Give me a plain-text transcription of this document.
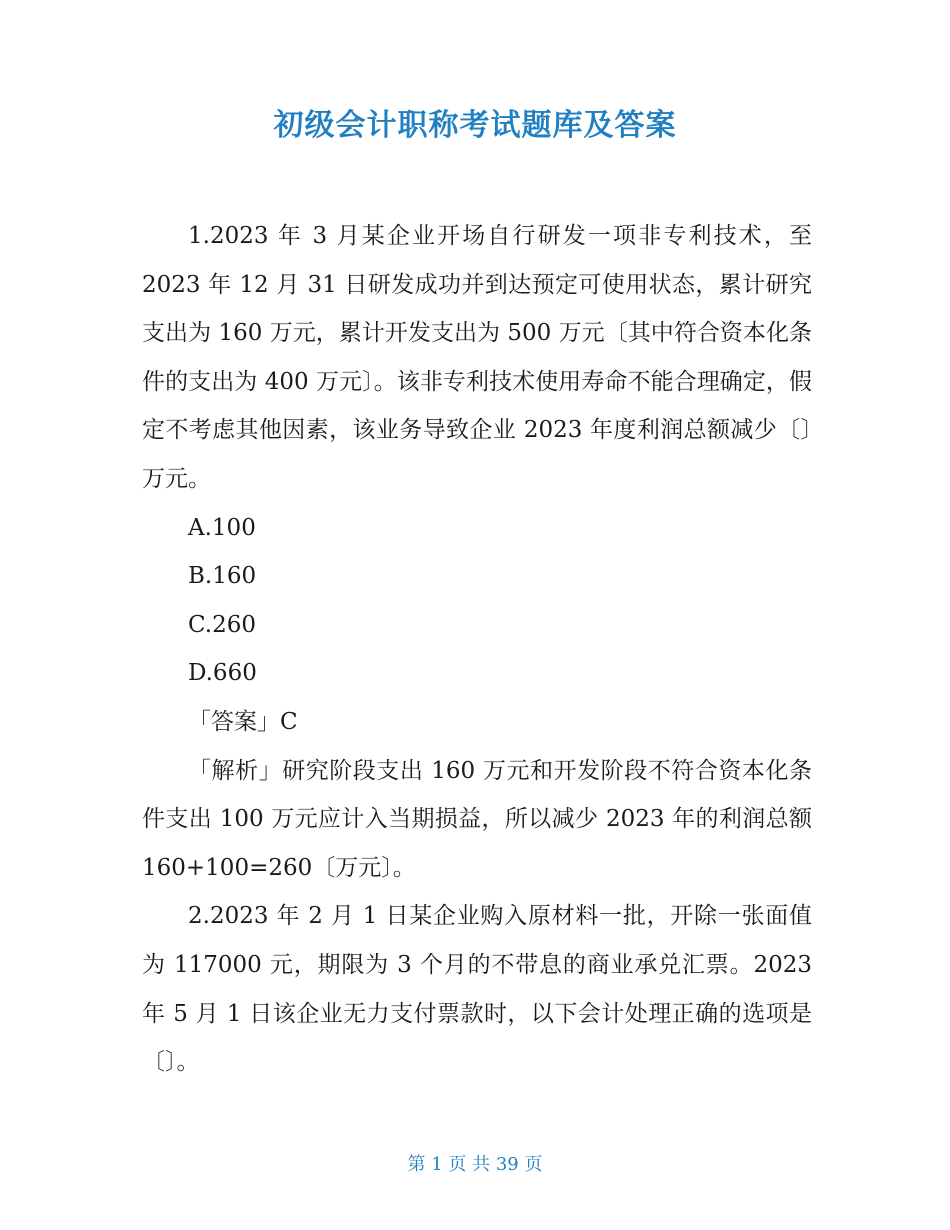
初级会计职称考试题库及答案

1.2023 年 3 月某企业开场自行研发一项非专利技术，至 2023 年 12 月 31 日研发成功并到达预定可使用状态，累计研究支出为 160 万元，累计开发支出为 500 万元〔其中符合资本化条件的支出为 400 万元〕。该非专利技术使用寿命不能合理确定，假定不考虑其他因素，该业务导致企业 2023 年度利润总额减少〔〕万元。

A.100

B.160

C.260

D.660

「答案」C

「解析」研究阶段支出 160 万元和开发阶段不符合资本化条件支出 100 万元应计入当期损益，所以减少 2023 年的利润总额 160+100=260〔万元〕。

2.2023 年 2 月 1 日某企业购入原材料一批，开除一张面值为 117000 元，期限为 3 个月的不带息的商业承兑汇票。2023 年 5 月 1 日该企业无力支付票款时，以下会计处理正确的选项是〔〕。

第 1 页 共 39 页
